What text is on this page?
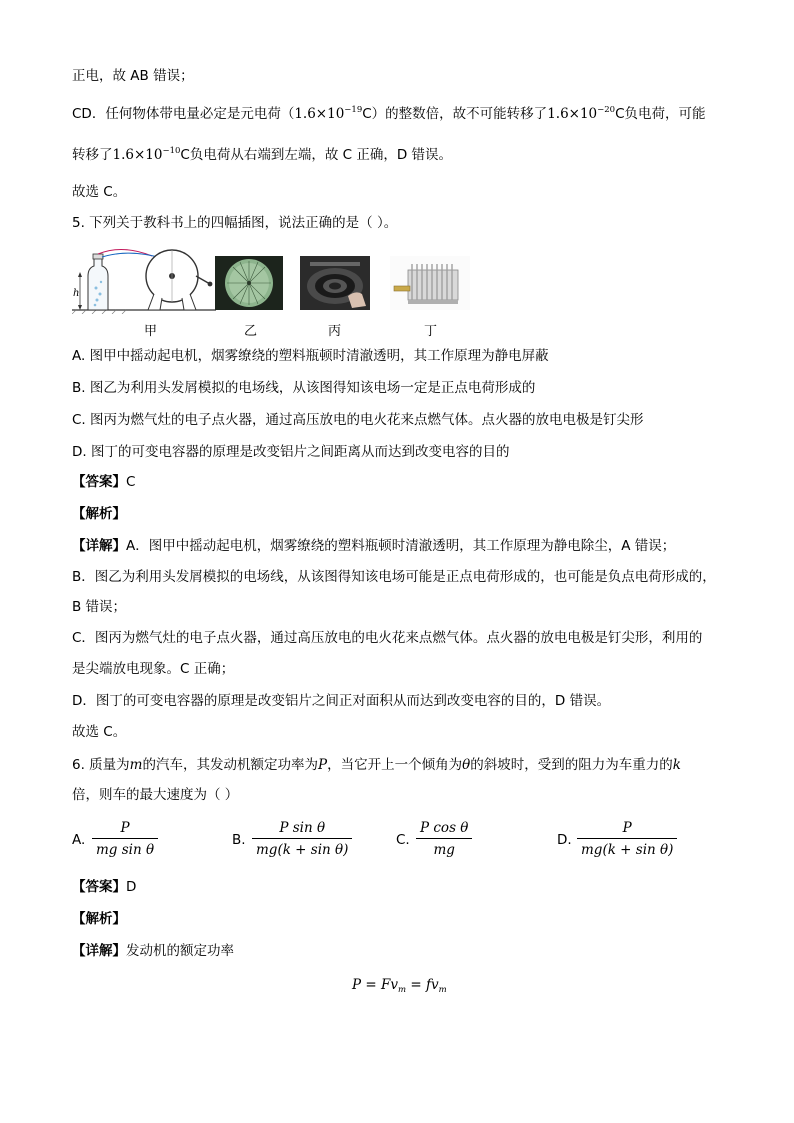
正电，故 AB 错误；
CD．任何物体带电量必定是元电荷$(1.6\times 10^{-19}C)$的整数倍，故不可能转移了$1.6\times 10^{-20}C$负电荷，可能
转移了$1.6\times 10^{-10}C$负电荷从右端到左端，故 C 正确，D 错误。
故选 C。
5. 下列关于教科书上的四幅插图，说法正确的是（ ）。
h
甲	乙	丙	丁
A. 图甲中摇动起电机，烟雾缭绕的塑料瓶顿时清澈透明，其工作原理为静电屏蔽
B. 图乙为利用头发屑模拟的电场线，从该图得知该电场一定是正点电荷形成的
C. 图丙为燃气灶的电子点火器，通过高压放电的电火花来点燃气体。点火器的放电电极是钉尖形
D. 图丁的可变电容器的原理是改变铝片之间距离从而达到改变电容的目的
【答案】C
【解析】
【详解】A．图甲中摇动起电机，烟雾缭绕的塑料瓶顿时清澈透明，其工作原理为静电除尘，A 错误；
B．图乙为利用头发屑模拟的电场线，从该图得知该电场可能是正点电荷形成的，也可能是负点电荷形成的，
B 错误；
C．图丙为燃气灶的电子点火器，通过高压放电的电火花来点燃气体。点火器的放电电极是钉尖形，利用的
是尖端放电现象。C 正确；
D．图丁的可变电容器的原理是改变铝片之间正对面积从而达到改变电容的目的，D 错误。
故选 C。
6. 质量为m的汽车，其发动机额定功率为P，当它开上一个倾角为θ的斜坡时，受到的阻力为车重力的k
倍，则车的最大速度为（ ）
A.
P
mg sin θ
B.
P sin θ
mg(k + sin θ)
C.
P cos θ
mg
D.
P
mg(k + sin θ)
【答案】D
【解析】
【详解】发动机的额定功率
$P = Fv_m = fv_m$
